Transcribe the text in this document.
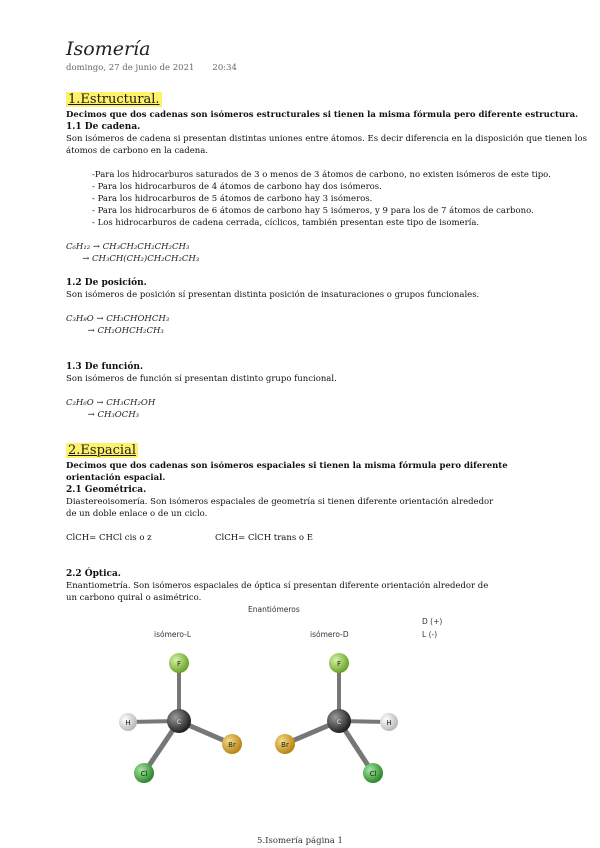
Isomería
domingo, 27 de junio de 2021 20:34
1.Estructural.
Decimos que dos cadenas son isómeros estructurales si tienen la misma fórmula pero diferente estructura.
1.1 De cadena.
Son isómeros de cadena si presentan distintas uniones entre átomos. Es decir diferencia en la disposición que tienen los
átomos de carbono en la cadena.
-Para los hidrocarburos saturados de 3 o menos de 3 átomos de carbono, no existen isómeros de este tipo.
- Para los hidrocarburos de 4 átomos de carbono hay dos isómeros.
- Para los hidrocarburos de 5 átomos de carbono hay 3 isómeros.
- Para los hidrocarburos de 6 átomos de carbono hay 5 isómeros, y 9 para los de 7 átomos de carbono.
- Los hidrocarburos de cadena cerrada, cíclicos, también presentan este tipo de isomería.
C₆H₁₂ → CH₃CH₂CH₂CH₂CH₃
→ CH₃CH(CH₂)CH₂CH₂CH₃
1.2 De posición.
Son isómeros de posición sí presentan distinta posición de insaturaciones o grupos funcionales.
C₃H₈O → CH₃CHOHCH₃
→ CH₂OHCH₂CH₃
1.3 De función.
Son isómeros de función sí presentan distinto grupo funcional.
C₂H₆O → CH₃CH₂OH
→ CH₃OCH₃
2.Espacial
Decimos que dos cadenas son isómeros espaciales si tienen la misma fórmula pero diferente
orientación espacial.
2.1 Geométrica.
Diastereoisomería. Son isómeros espaciales de geometría si tienen diferente orientación alrededor
de un doble enlace o de un ciclo.
ClCH= CHCl cis o z	ClCH= ClCH trans o E
2.2 Óptica.
Enantiometría. Son isómeros espaciales de óptica sí presentan diferente orientación alrededor de
un carbono quiral o asimétrico.
Enantiómeros
isómero-L	isómero-D
D (+)
L (-)
F
H	C
Br
Cl
F
H
C
Br
Cl
5.Isomería página 1
